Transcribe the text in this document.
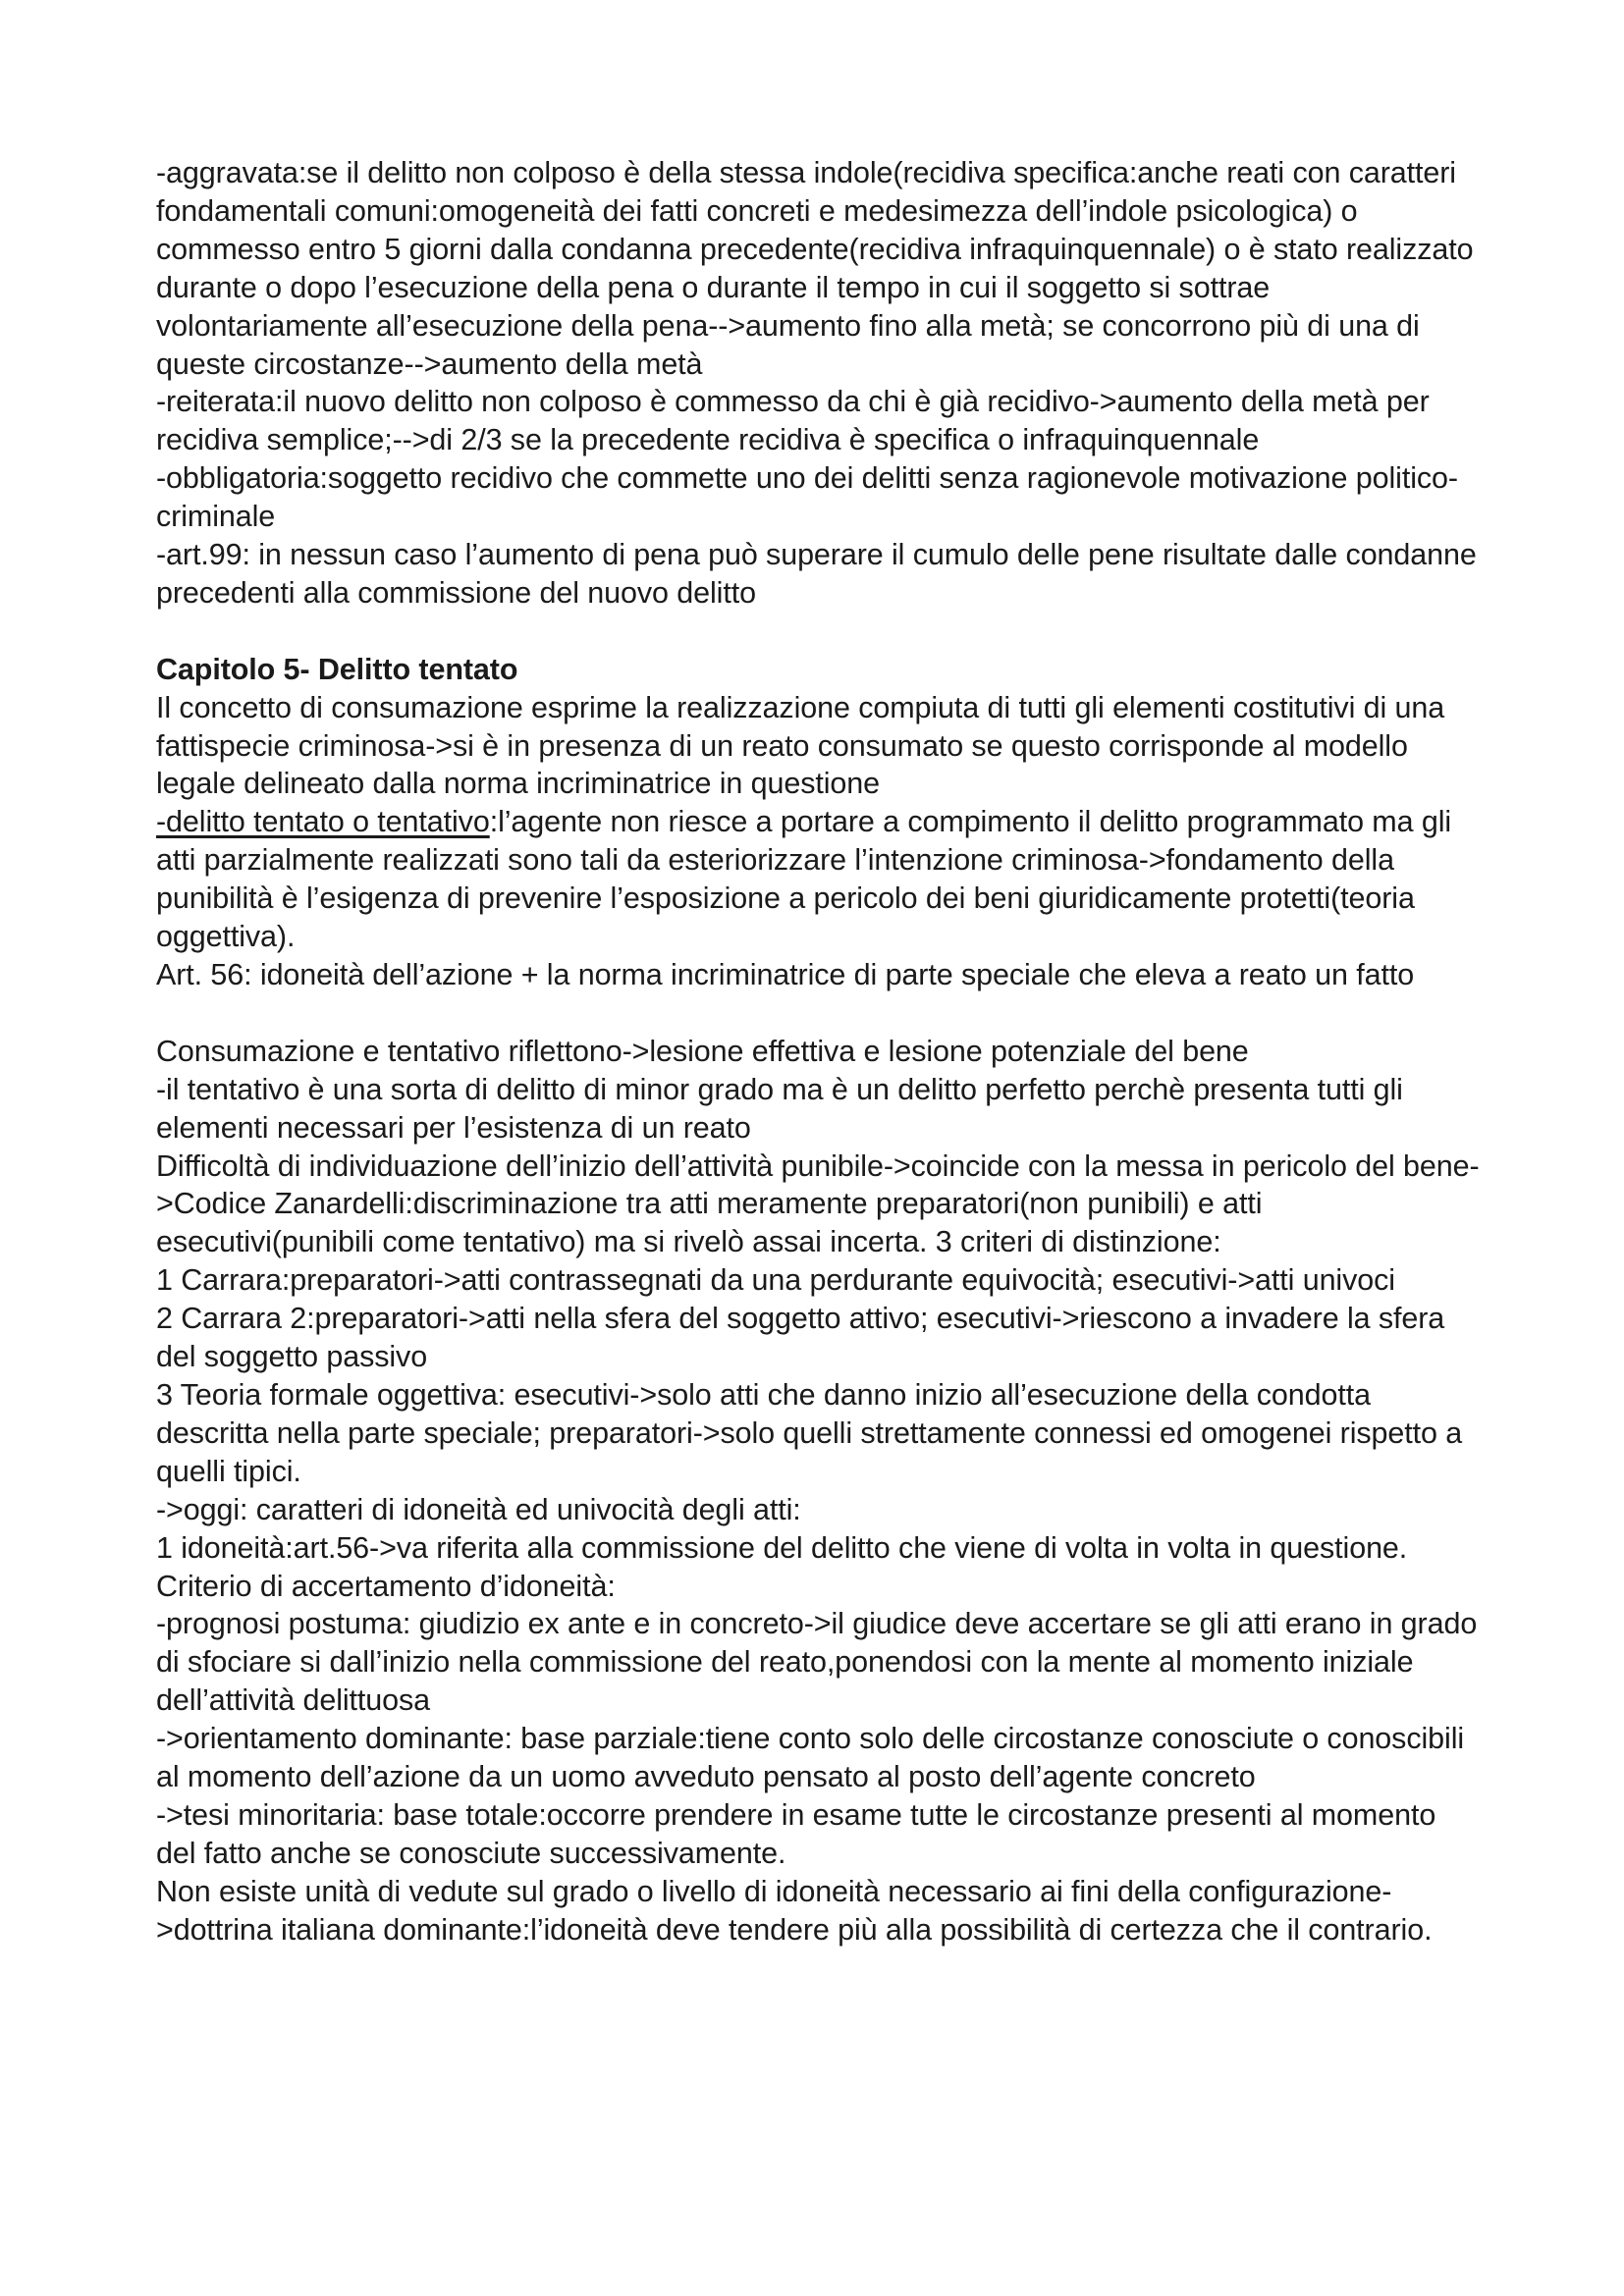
-aggravata:se il delitto non colposo è della stessa indole(recidiva specifica:anche reati con caratteri fondamentali comuni:omogeneità dei fatti concreti e medesimezza dell’indole psicologica) o commesso entro 5 giorni dalla condanna precedente(recidiva infraquinquennale) o è stato realizzato durante o dopo l’esecuzione della pena o durante il tempo in cui il soggetto si sottrae volontariamente all’esecuzione della pena-->aumento fino alla metà; se concorrono più di una di queste circostanze-->aumento della metà

-reiterata:il nuovo delitto non colposo è commesso da chi è già recidivo->aumento della metà per recidiva semplice;-->di 2/3 se la precedente recidiva è specifica o infraquinquennale

-obbligatoria:soggetto recidivo che commette uno dei delitti senza ragionevole motivazione politico-criminale

-art.99: in nessun caso l’aumento di pena può superare il cumulo delle pene risultate dalle condanne precedenti alla commissione del nuovo delitto

Capitolo 5- Delitto tentato

Il concetto di consumazione esprime la realizzazione compiuta di tutti gli elementi costitutivi di una fattispecie criminosa->si è in presenza di un reato consumato se questo corrisponde al modello legale delineato dalla norma incriminatrice in questione

-delitto tentato o tentativo:l’agente non riesce a portare a compimento il delitto programmato ma gli atti parzialmente realizzati sono tali da esteriorizzare l’intenzione criminosa->fondamento della punibilità è l’esigenza di prevenire l’esposizione a pericolo dei beni giuridicamente protetti(teoria oggettiva).

Art. 56: idoneità dell’azione + la norma incriminatrice di parte speciale che eleva a reato un fatto

Consumazione e tentativo riflettono->lesione effettiva e lesione potenziale del bene

-il tentativo è una sorta di delitto di minor grado ma è un delitto perfetto perchè presenta tutti gli elementi necessari per l’esistenza di un reato

Difficoltà di individuazione dell’inizio dell’attività punibile->coincide con la messa in pericolo del bene->Codice Zanardelli:discriminazione tra atti meramente preparatori(non punibili) e atti esecutivi(punibili come tentativo) ma si rivelò assai incerta. 3 criteri di distinzione:

1 Carrara:preparatori->atti contrassegnati da una perdurante equivocità; esecutivi->atti univoci

2 Carrara 2:preparatori->atti nella sfera del soggetto attivo; esecutivi->riescono a invadere la sfera del soggetto passivo

3 Teoria formale oggettiva: esecutivi->solo atti che danno inizio all’esecuzione della condotta descritta nella parte speciale; preparatori->solo quelli strettamente connessi ed omogenei rispetto a quelli tipici.

->oggi: caratteri di idoneità ed univocità degli atti:

1 idoneità:art.56->va riferita alla commissione del delitto che viene di volta in volta in questione. Criterio di accertamento d’idoneità:

-prognosi postuma: giudizio ex ante e in concreto->il giudice deve accertare se gli atti erano in grado di sfociare si dall’inizio nella commissione del reato,ponendosi con la mente al momento iniziale dell’attività delittuosa

->orientamento dominante: base parziale:tiene conto solo delle circostanze conosciute o conoscibili al momento dell’azione da un uomo avveduto pensato al posto dell’agente concreto

->tesi minoritaria: base totale:occorre prendere in esame tutte le circostanze presenti al momento del fatto anche se conosciute successivamente.

Non esiste unità di vedute sul grado o livello di idoneità necessario ai fini della configurazione->dottrina italiana dominante:l’idoneità deve tendere più alla possibilità di certezza che il contrario.
